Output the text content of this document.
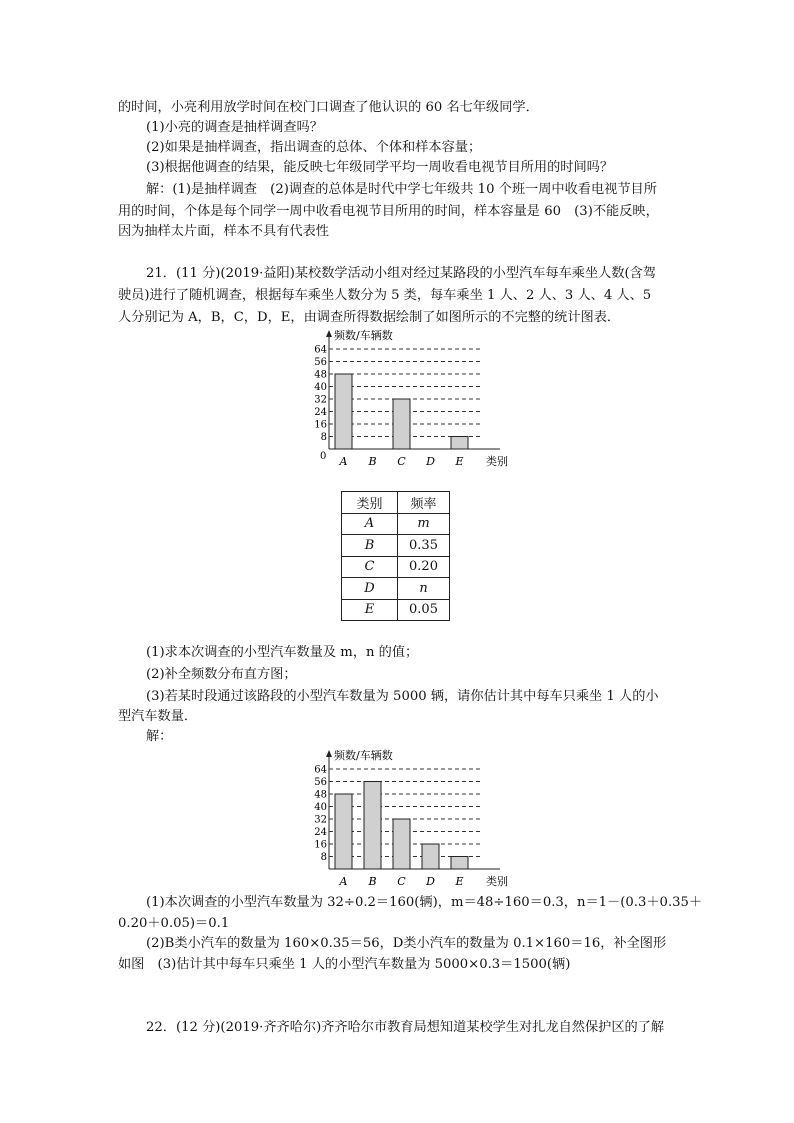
的时间，小亮利用放学时间在校门口调查了他认识的 60 名七年级同学．
(1)小亮的调查是抽样调查吗？
(2)如果是抽样调查，指出调查的总体、个体和样本容量；
(3)根据他调查的结果，能反映七年级同学平均一周收看电视节目所用的时间吗？
解：(1)是抽样调查　(2)调查的总体是时代中学七年级共 10 个班一周中收看电视节目所
用的时间，个体是每个同学一周中收看电视节目所用的时间，样本容量是 60　(3)不能反映，
因为抽样太片面，样本不具有代表性
21．(11 分)(2019·益阳)某校数学活动小组对经过某路段的小型汽车每车乘坐人数(含驾
驶员)进行了随机调查，根据每车乘坐人数分为 5 类，每车乘坐 1 人、2 人、3 人、4 人、5
人分别记为 A，B，C，D，E，由调查所得数据绘制了如图所示的不完整的统计图表．
频数/车辆数
类别
0
8
16
24
32
40
48
56
64
A B C D E
类别	频率
A	m
B	0.35
C	0.20
D	n
E	0.05
(1)求本次调查的小型汽车数量及 m，n 的值；
(2)补全频数分布直方图；
(3)若某时段通过该路段的小型汽车数量为 5000 辆，请你估计其中每车只乘坐 1 人的小
型汽车数量．
解：
频数/车辆数
类别
8
16
24
32
40
48
56
64
A B C D E
(1)本次调查的小型汽车数量为 32÷0.2＝160(辆)，m＝48÷160＝0.3，n＝1－(0.3＋0.35＋
0.20＋0.05)＝0.1
(2)B类小汽车的数量为 160×0.35＝56，D类小汽车的数量为 0.1×160＝16，补全图形
如图　(3)估计其中每车只乘坐 1 人的小型汽车数量为 5000×0.3＝1500(辆)
22．(12 分)(2019·齐齐哈尔)齐齐哈尔市教育局想知道某校学生对扎龙自然保护区的了解
